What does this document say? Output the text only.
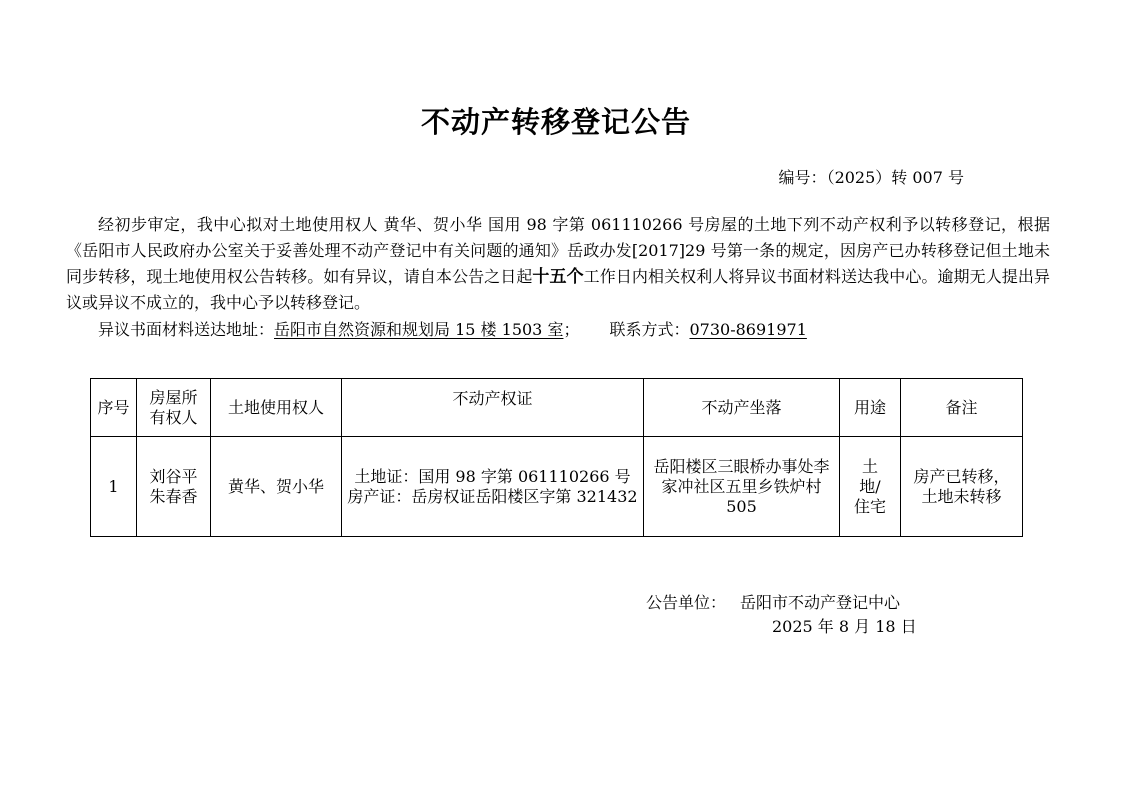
不动产转移登记公告
编号：（2025）转 007 号

经初步审定，我中心拟对土地使用权人 黄华、贺小华 国用 98 字第 061110266 号房屋的土地下列不动产权利予以转移登记，根据《岳阳市人民政府办公室关于妥善处理不动产登记中有关问题的通知》岳政办发[2017]29 号第一条的规定，因房产已办转移登记但土地未同步转移，现土地使用权公告转移。如有异议，请自本公告之日起十五个工作日内相关权利人将异议书面材料送达我中心。逾期无人提出异议或异议不成立的，我中心予以转移登记。

异议书面材料送达地址：岳阳市自然资源和规划局 15 楼 1503 室； 联系方式：0730-8691971
序号	房屋所有权人	土地使用权人	不动产权证	不动产坐落	用途	备注
1	刘谷平朱春香	黄华、贺小华	土地证：国用 98 字第 061110266 号
房产证：岳房权证岳阳楼区字第 321432	岳阳楼区三眼桥办事处李家冲社区五里乡铁炉村 505	土地/住宅	房产已转移，土地未转移
公告单位： 岳阳市不动产登记中心
2025 年 8 月 18 日
